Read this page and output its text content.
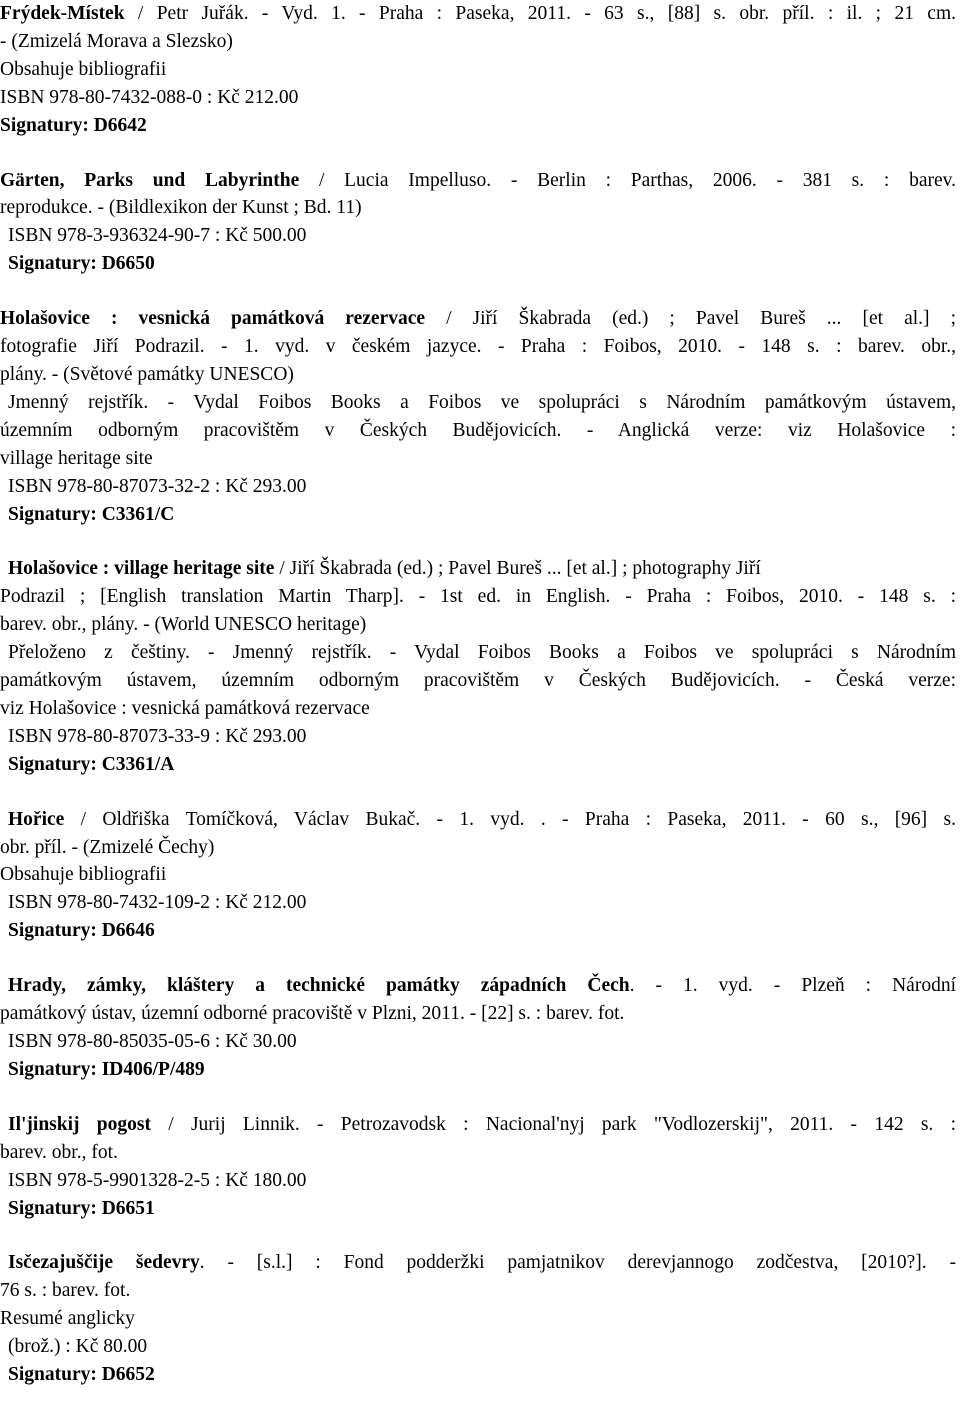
Frýdek-Místek / Petr Juřák. - Vyd. 1. - Praha : Paseka, 2011. - 63 s., [88] s. obr. příl. : il. ; 21 cm.
- (Zmizelá Morava a Slezsko)
Obsahuje bibliografii
ISBN 978-80-7432-088-0 : Kč 212.00
Signatury: D6642
Gärten, Parks und Labyrinthe / Lucia Impelluso. - Berlin : Parthas, 2006. - 381 s. : barev.
reprodukce. - (Bildlexikon der Kunst ; Bd. 11)
ISBN 978-3-936324-90-7 : Kč 500.00
Signatury: D6650
Holašovice : vesnická památková rezervace / Jiří Škabrada (ed.) ; Pavel Bureš ... [et al.] ;
fotografie Jiří Podrazil. - 1. vyd. v českém jazyce. - Praha : Foibos, 2010. - 148 s. : barev. obr.,
plány. - (Světové památky UNESCO)
Jmenný rejstřík. - Vydal Foibos Books a Foibos ve spolupráci s Národním památkovým ústavem,
územním odborným pracovištěm v Českých Budějovicích. - Anglická verze: viz Holašovice :
village heritage site
ISBN 978-80-87073-32-2 : Kč 293.00
Signatury: C3361/C
Holašovice : village heritage site / Jiří Škabrada (ed.) ; Pavel Bureš ... [et al.] ; photography Jiří
Podrazil ; [English translation Martin Tharp]. - 1st ed. in English. - Praha : Foibos, 2010. - 148 s. :
barev. obr., plány. - (World UNESCO heritage)
Přeloženo z češtiny. - Jmenný rejstřík. - Vydal Foibos Books a Foibos ve spolupráci s Národním
památkovým ústavem, územním odborným pracovištěm v Českých Budějovicích. - Česká verze:
viz Holašovice : vesnická památková rezervace
ISBN 978-80-87073-33-9 : Kč 293.00
Signatury: C3361/A
Hořice / Oldřiška Tomíčková, Václav Bukač. - 1. vyd. . - Praha : Paseka, 2011. - 60 s., [96] s.
obr. příl. - (Zmizelé Čechy)
Obsahuje bibliografii
ISBN 978-80-7432-109-2 : Kč 212.00
Signatury: D6646
Hrady, zámky, kláštery a technické památky západních Čech. - 1. vyd. - Plzeň : Národní
památkový ústav, územní odborné pracoviště v Plzni, 2011. - [22] s. : barev. fot.
ISBN 978-80-85035-05-6 : Kč 30.00
Signatury: ID406/P/489
Il'jinskij pogost / Jurij Linnik. - Petrozavodsk : Nacional'nyj park "Vodlozerskij", 2011. - 142 s. :
barev. obr., fot.
ISBN 978-5-9901328-2-5 : Kč 180.00
Signatury: D6651
Isčezajuščije šedevry. - [s.l.] : Fond podderžki pamjatnikov derevjannogo zodčestva, [2010?]. -
76 s. : barev. fot.
Resumé anglicky
(brož.) : Kč 80.00
Signatury: D6652
